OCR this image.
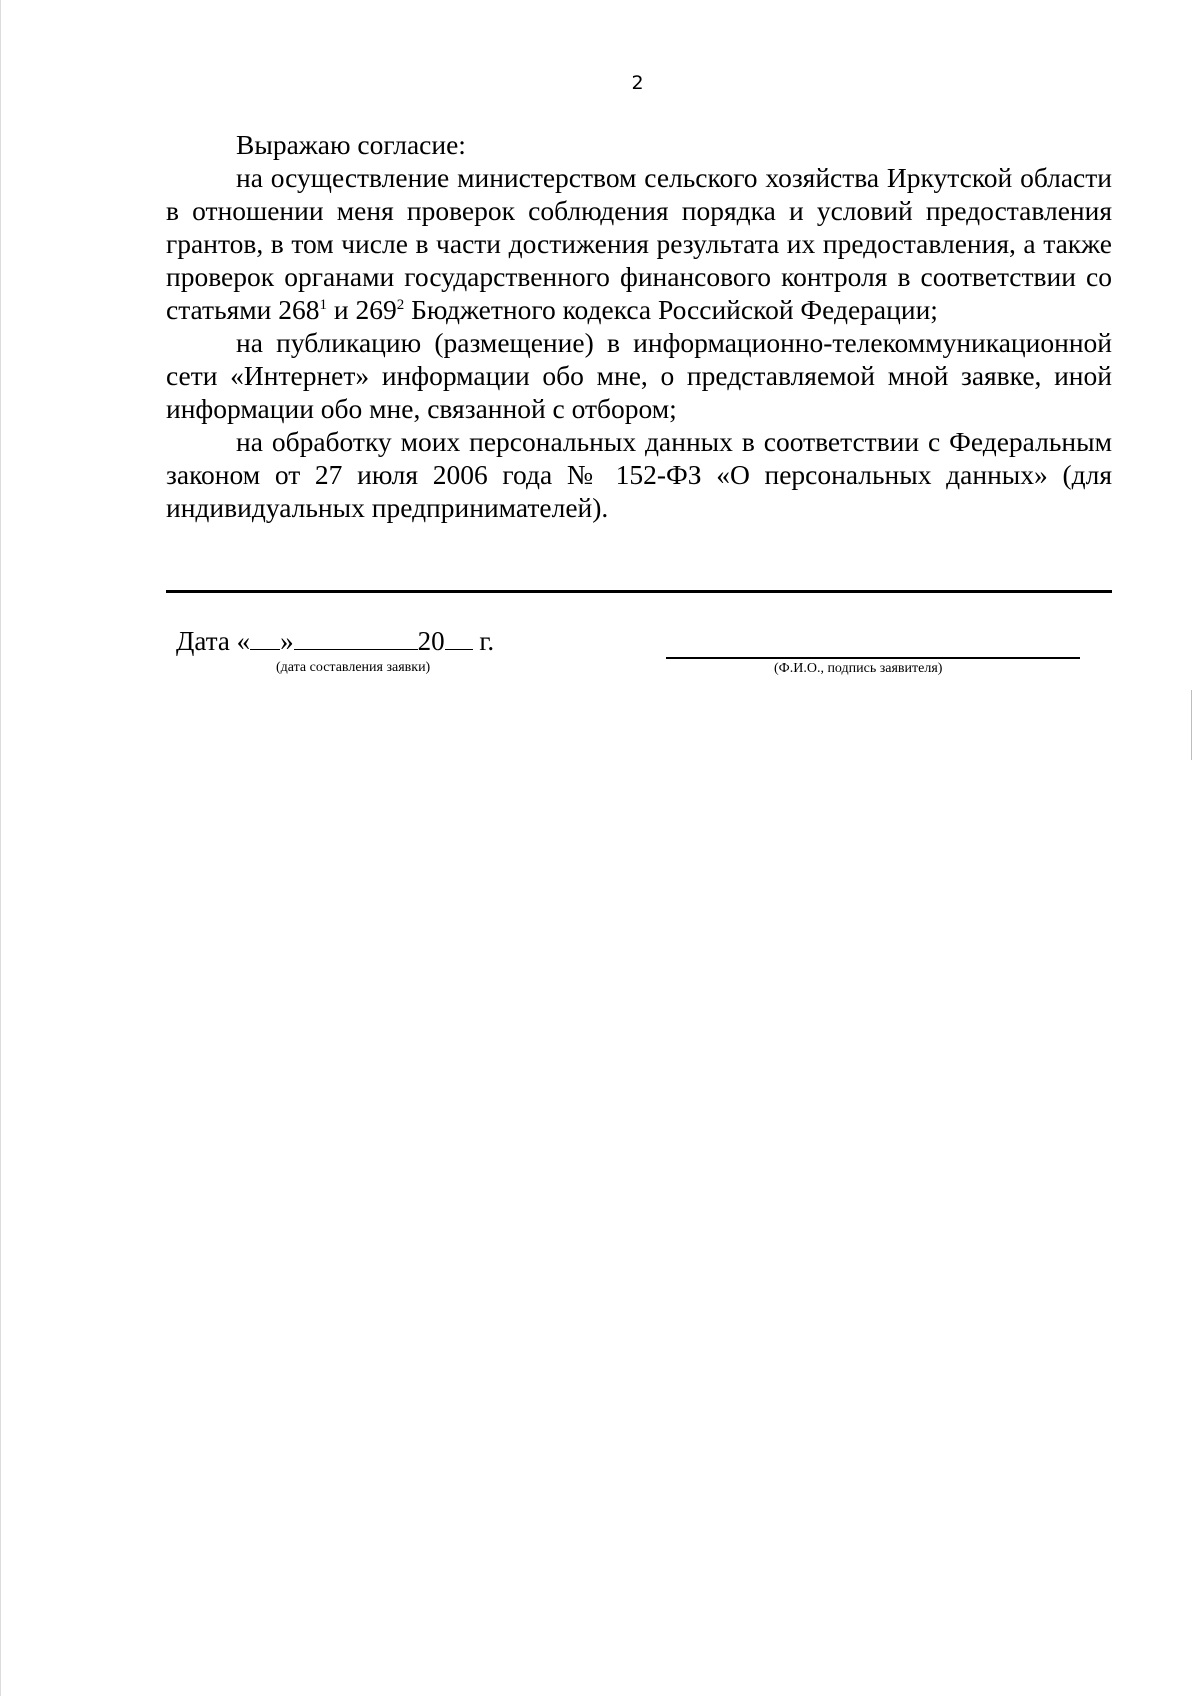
2

Выражаю согласие:

на осуществление министерством сельского хозяйства Иркутской области в отношении меня проверок соблюдения порядка и условий предоставления грантов, в том числе в части достижения результата их предоставления, а также проверок органами государственного финансового контроля в соответствии со статьями $268^1$ и $269^2$ Бюджетного кодекса Российской Федерации;

на публикацию (размещение) в информационно-телекоммуникационной сети «Интернет» информации обо мне, о представляемой мной заявке, иной информации обо мне, связанной с отбором;

на обработку моих персональных данных в соответствии с Федеральным законом от 27 июля 2006 года № 152-ФЗ «О персональных данных» (для индивидуальных предпринимателей).

Дата « »	20 г.
(дата составления заявки)	(Ф.И.О., подпись заявителя)
